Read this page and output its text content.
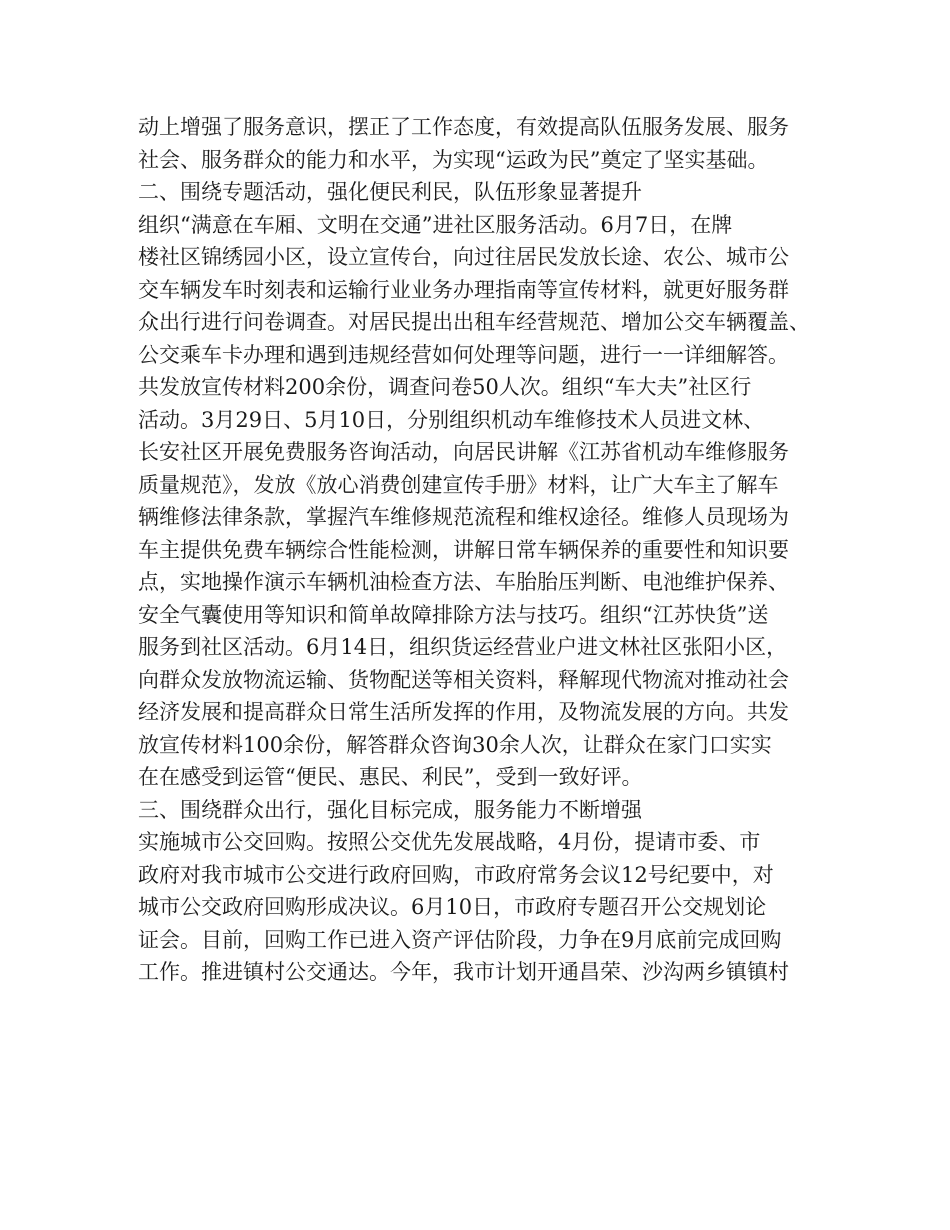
动上增强了服务意识，摆正了工作态度，有效提高队伍服务发展、服务
社会、服务群众的能力和水平，为实现“运政为民”奠定了坚实基础。
二、围绕专题活动，强化便民利民，队伍形象显著提升
组织“满意在车厢、文明在交通”进社区服务活动。6月7日，在牌
楼社区锦绣园小区，设立宣传台，向过往居民发放长途、农公、城市公
交车辆发车时刻表和运输行业业务办理指南等宣传材料，就更好服务群
众出行进行问卷调查。对居民提出出租车经营规范、增加公交车辆覆盖、
公交乘车卡办理和遇到违规经营如何处理等问题，进行一一详细解答。
共发放宣传材料200余份，调查问卷50人次。组织“车大夫”社区行
活动。3月29日、5月10日，分别组织机动车维修技术人员进文林、
长安社区开展免费服务咨询活动，向居民讲解《江苏省机动车维修服务
质量规范》，发放《放心消费创建宣传手册》材料，让广大车主了解车
辆维修法律条款，掌握汽车维修规范流程和维权途径。维修人员现场为
车主提供免费车辆综合性能检测，讲解日常车辆保养的重要性和知识要
点，实地操作演示车辆机油检查方法、车胎胎压判断、电池维护保养、
安全气囊使用等知识和简单故障排除方法与技巧。组织“江苏快货”送
服务到社区活动。6月14日，组织货运经营业户进文林社区张阳小区，
向群众发放物流运输、货物配送等相关资料，释解现代物流对推动社会
经济发展和提高群众日常生活所发挥的作用，及物流发展的方向。共发
放宣传材料100余份，解答群众咨询30余人次，让群众在家门口实实
在在感受到运管“便民、惠民、利民”，受到一致好评。
三、围绕群众出行，强化目标完成，服务能力不断增强
实施城市公交回购。按照公交优先发展战略，4月份，提请市委、市
政府对我市城市公交进行政府回购，市政府常务会议12号纪要中，对
城市公交政府回购形成决议。6月10日，市政府专题召开公交规划论
证会。目前，回购工作已进入资产评估阶段，力争在9月底前完成回购
工作。推进镇村公交通达。今年，我市计划开通昌荣、沙沟两乡镇镇村
